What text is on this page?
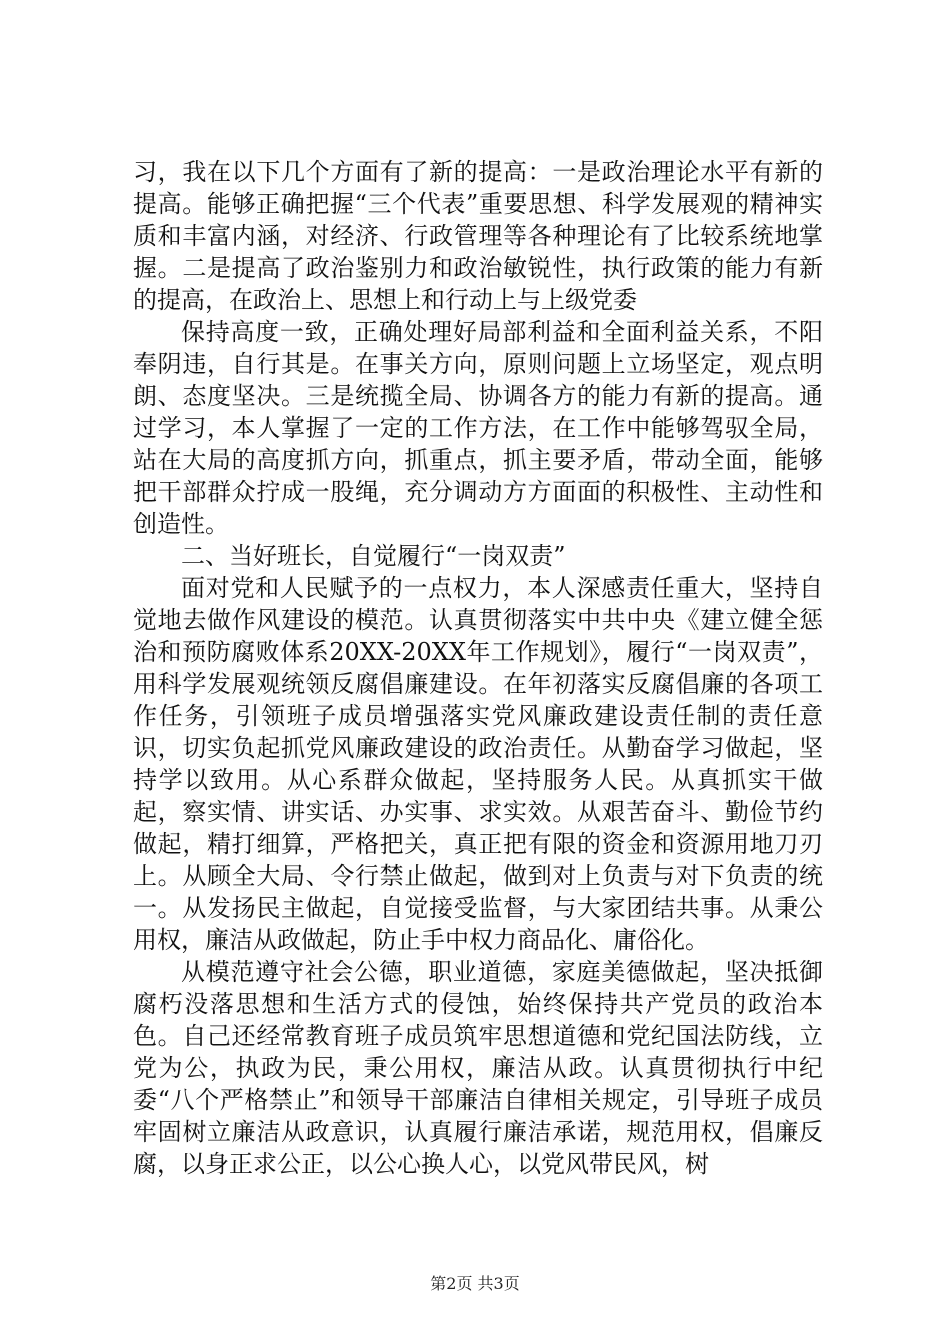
习，我在以下几个方面有了新的提高：一是政治理论水平有新的提高。能够正确把握“三个代表”重要思想、科学发展观的精神实质和丰富内涵，对经济、行政管理等各种理论有了比较系统地掌握。二是提高了政治鉴别力和政治敏锐性，执行政策的能力有新的提高，在政治上、思想上和行动上与上级党委

保持高度一致，正确处理好局部利益和全面利益关系，不阳奉阴违，自行其是。在事关方向，原则问题上立场坚定，观点明朗、态度坚决。三是统揽全局、协调各方的能力有新的提高。通过学习，本人掌握了一定的工作方法，在工作中能够驾驭全局，站在大局的高度抓方向，抓重点，抓主要矛盾，带动全面，能够把干部群众拧成一股绳，充分调动方方面面的积极性、主动性和创造性。

二、当好班长，自觉履行“一岗双责”

面对党和人民赋予的一点权力，本人深感责任重大，坚持自觉地去做作风建设的模范。认真贯彻落实中共中央《建立健全惩治和预防腐败体系20XX-20XX年工作规划》，履行“一岗双责”，用科学发展观统领反腐倡廉建设。在年初落实反腐倡廉的各项工作任务，引领班子成员增强落实党风廉政建设责任制的责任意识，切实负起抓党风廉政建设的政治责任。从勤奋学习做起，坚持学以致用。从心系群众做起，坚持服务人民。从真抓实干做起，察实情、讲实话、办实事、求实效。从艰苦奋斗、勤俭节约做起，精打细算，严格把关，真正把有限的资金和资源用地刀刃上。从顾全大局、令行禁止做起，做到对上负责与对下负责的统一。从发扬民主做起，自觉接受监督，与大家团结共事。从秉公用权，廉洁从政做起，防止手中权力商品化、庸俗化。

从模范遵守社会公德，职业道德，家庭美德做起，坚决抵御腐朽没落思想和生活方式的侵蚀，始终保持共产党员的政治本色。自己还经常教育班子成员筑牢思想道德和党纪国法防线，立党为公，执政为民，秉公用权，廉洁从政。认真贯彻执行中纪委“八个严格禁止”和领导干部廉洁自律相关规定，引导班子成员牢固树立廉洁从政意识，认真履行廉洁承诺，规范用权，倡廉反腐，以身正求公正，以公心换人心，以党风带民风，树

第2页 共3页
